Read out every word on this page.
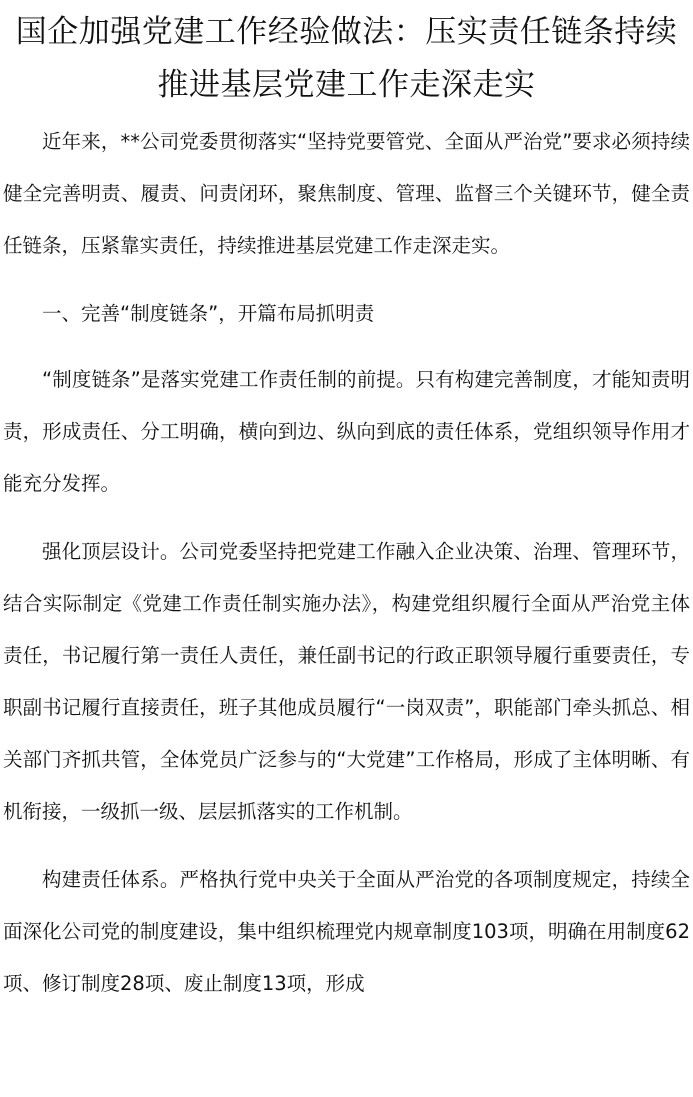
国企加强党建工作经验做法：压实责任链条持续推进基层党建工作走深走实

近年来，**公司党委贯彻落实“坚持党要管党、全面从严治党”要求必须持续健全完善明责、履责、问责闭环，聚焦制度、管理、监督三个关键环节，健全责任链条，压紧靠实责任，持续推进基层党建工作走深走实。

一、完善“制度链条”，开篇布局抓明责

“制度链条”是落实党建工作责任制的前提。只有构建完善制度，才能知责明责，形成责任、分工明确，横向到边、纵向到底的责任体系，党组织领导作用才能充分发挥。

强化顶层设计。公司党委坚持把党建工作融入企业决策、治理、管理环节，结合实际制定《党建工作责任制实施办法》，构建党组织履行全面从严治党主体责任，书记履行第一责任人责任，兼任副书记的行政正职领导履行重要责任，专职副书记履行直接责任，班子其他成员履行“一岗双责”，职能部门牵头抓总、相关部门齐抓共管，全体党员广泛参与的“大党建”工作格局，形成了主体明晰、有机衔接，一级抓一级、层层抓落实的工作机制。

构建责任体系。严格执行党中央关于全面从严治党的各项制度规定，持续全面深化公司党的制度建设，集中组织梳理党内规章制度103项，明确在用制度62项、修订制度28项、废止制度13项，形成
